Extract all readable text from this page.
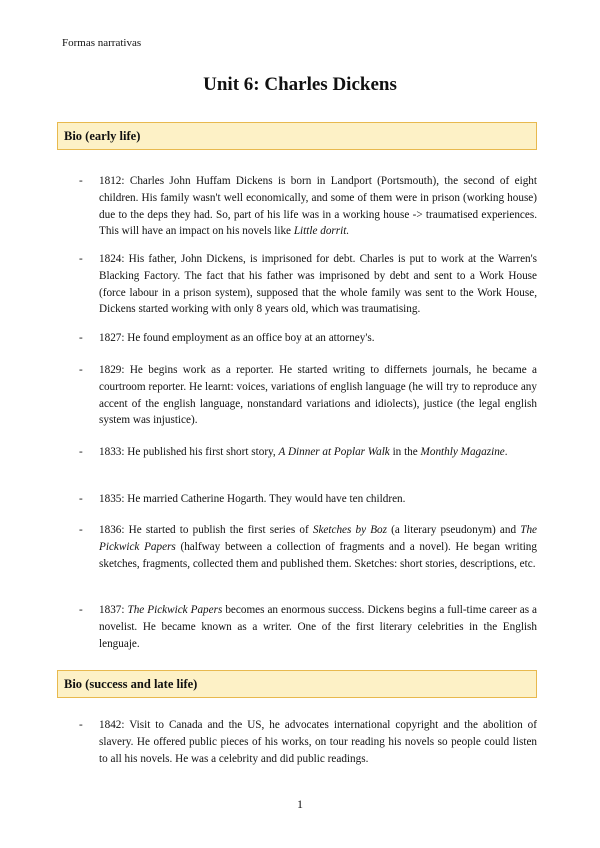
Formas narrativas
Unit 6: Charles Dickens
Bio (early life)
-	1812: Charles John Huffam Dickens is born in Landport (Portsmouth), the second of eight children. His family wasn't well economically, and some of them were in prison (working house) due to the deps they had. So, part of his life was in a working house -> traumatised experiences. This will have an impact on his novels like Little dorrit.
-	1824: His father, John Dickens, is imprisoned for debt. Charles is put to work at the Warren's Blacking Factory. The fact that his father was imprisoned by debt and sent to a Work House (force labour in a prison system), supposed that the whole family was sent to the Work House, Dickens started working with only 8 years old, which was traumatising.
-	1827: He found employment as an office boy at an attorney's.
-	1829: He begins work as a reporter. He started writing to differnets journals, he became a courtroom reporter. He learnt: voices, variations of english language (he will try to reproduce any accent of the english language, nonstandard variations and idiolects), justice (the legal english system was injustice).
-	1833: He published his first short story, A Dinner at Poplar Walk in the Monthly Magazine.
-	1835: He married Catherine Hogarth. They would have ten children.
-	1836: He started to publish the first series of Sketches by Boz (a literary pseudonym) and The Pickwick Papers (halfway between a collection of fragments and a novel). He began writing sketches, fragments, collected them and published them. Sketches: short stories, descriptions, etc.
-	1837: The Pickwick Papers becomes an enormous success. Dickens begins a full-time career as a novelist. He became known as a writer. One of the first literary celebrities in the English lenguaje.
Bio (success and late life)
-	1842: Visit to Canada and the US, he advocates international copyright and the abolition of slavery. He offered public pieces of his works, on tour reading his novels so people could listen to all his novels. He was a celebrity and did public readings.
1
